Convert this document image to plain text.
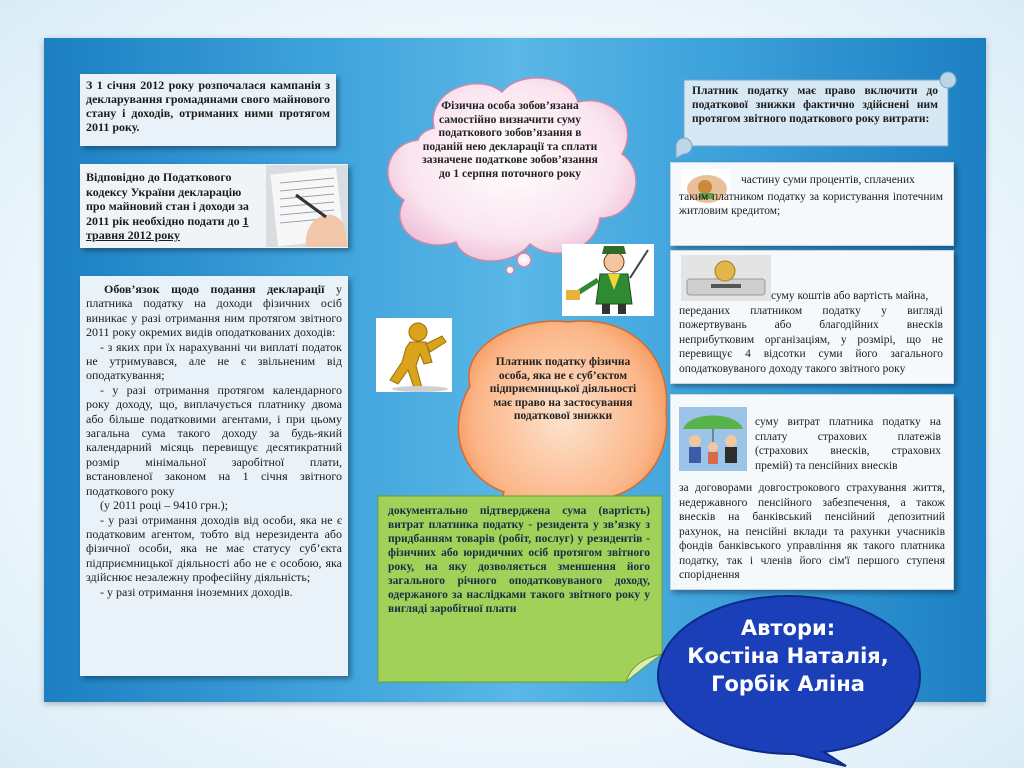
З 1 січня 2012 року розпочалася кампанія з декларування громадянами свого майнового стану і доходів, отриманих ними протягом 2011 року.

Відповідно до Податкового кодексу України декларацію про майновий стан і доходи за 2011 рік необхідно подати до 1 травня 2012 року

Обов’язок щодо подання декларації у платника податку на доходи фізичних осіб виникає у разі отримання ним протягом звітного 2011 року окремих видів оподаткованих доходів:

- з яких при їх нарахуванні чи виплаті податок не утримувався, але не є звільненим від оподаткування;

- у разі отримання протягом календарного року доходу, що, виплачується платнику двома або більше податковими агентами, і при цьому загальна сума такого доходу за будь-який календарний місяць перевищує десятикратний розмір мінімальної заробітної плати, встановленої законом на 1 січня звітного податкового року

(у 2011 році – 9410 грн.);

- у разі отримання доходів від особи, яка не є податковим агентом, тобто від нерезидента або фізичної особи, яка не має статусу суб’єкта підприємницької діяльності або не є особою, яка здійснює незалежну професійну діяльність;

- у разі отримання іноземних доходів.

Фізична особа зобов’язана самостійно визначити суму податкового зобов’язання в поданій нею декларації та сплати зазначене податкове зобов’язання до 1 серпня поточного року
Платник податку фізична особа, яка не є суб’єктом підприємницької діяльності має право на застосування податкової знижки
документально підтверджена сума (вартість) витрат платника податку - резидента у зв’язку з придбанням товарів (робіт, послуг) у резидентів - фізичних або юридичних осіб протягом звітного року, на яку дозволяється зменшення його загального річного оподатковуваного доходу, одержаного за наслідками такого звітного року у вигляді заробітної плати
Платник податку має право включити до податкової знижки фактично здійснені ним протягом звітного податкового року витрати:

частину суми процентів, сплачених

таким платником податку за користування іпотечним житловим кредитом;

суму коштів або вартість майна,

переданих платником податку у вигляді пожертвувань або благодійних внесків неприбутковим організаціям, у розмірі, що не перевищує 4 відсотки суми його загального оподатковуваного доходу такого звітного року

суму витрат платника податку на сплату страхових платежів (страхових внесків, страхових премій) та пенсійних внесків
за договорами довгострокового страхування життя, недержавного пенсійного забезпечення, а також внесків на банківський пенсійний депозитний рахунок, на пенсійні вклади та рахунки учасників фондів банківського управління як такого платника податку, так і членів його сім'ї першого ступеня споріднення
Автори:
Костіна Наталія,
Горбік Аліна
